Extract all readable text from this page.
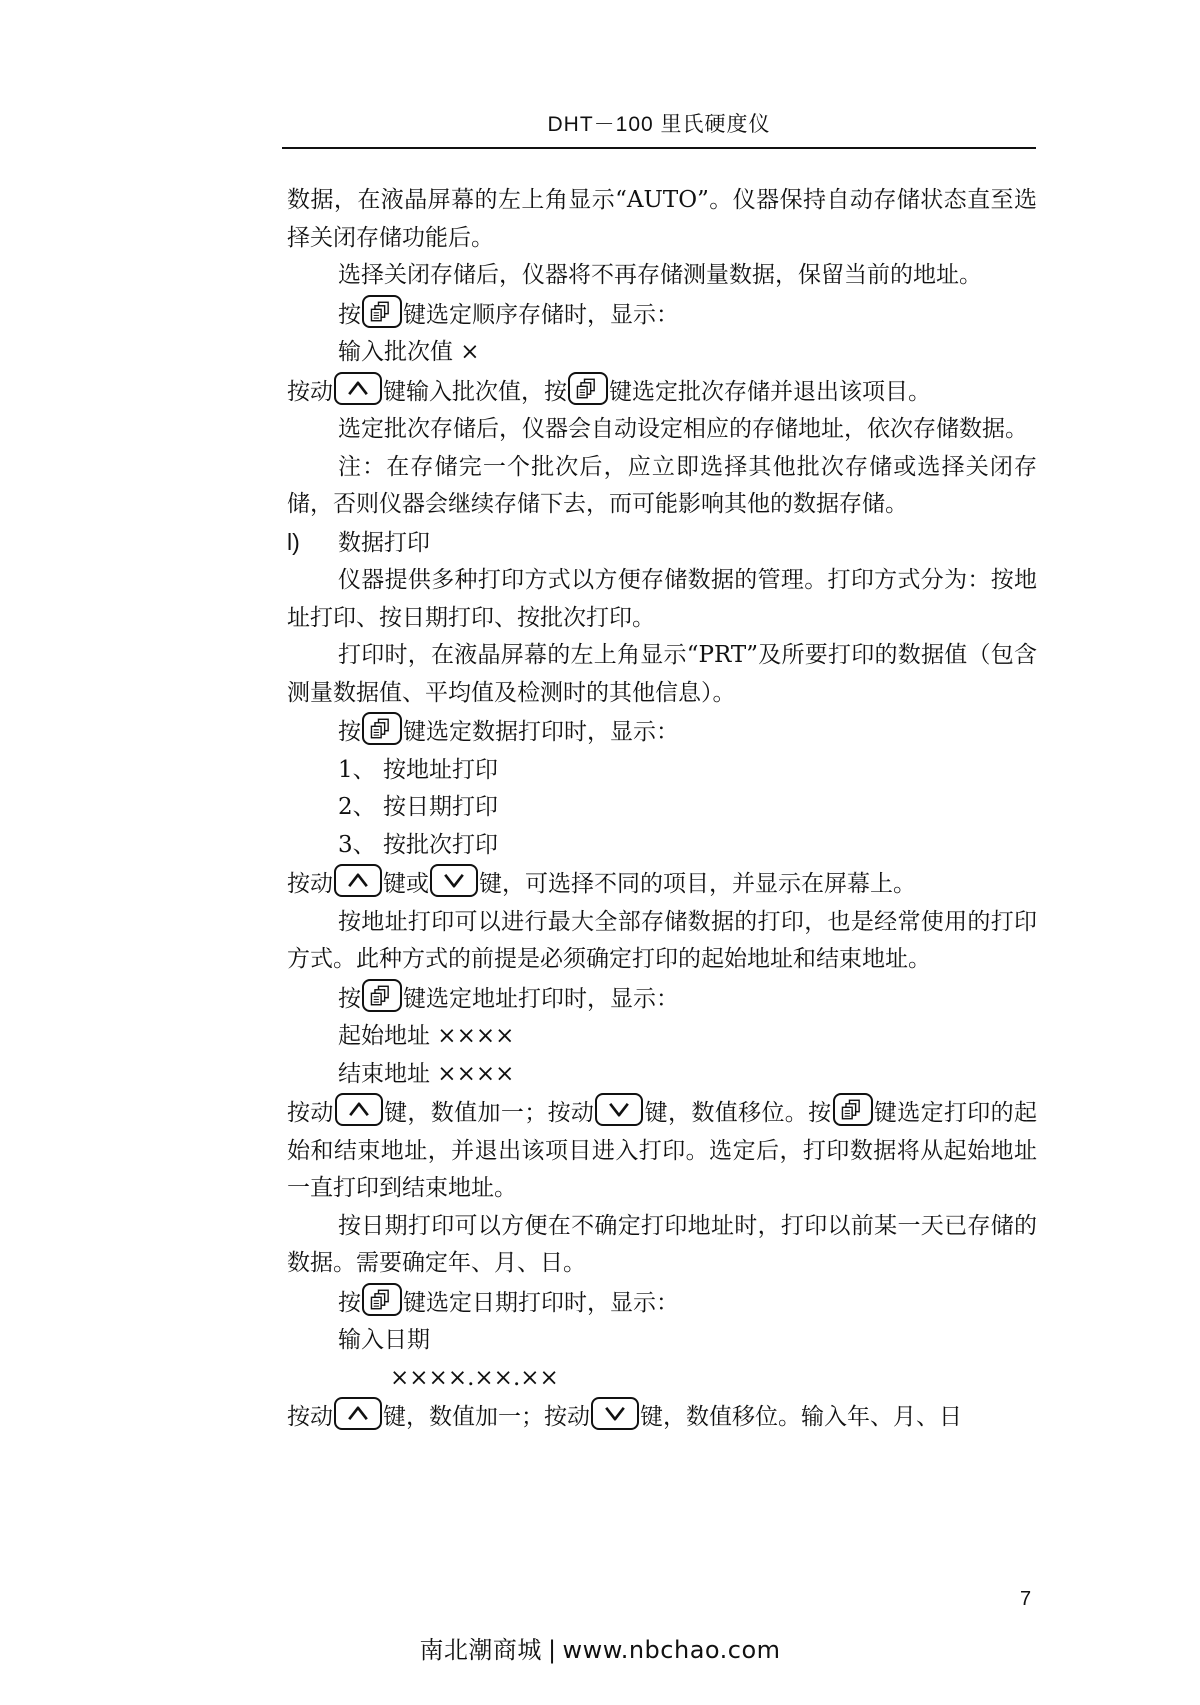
DHT－100 里氏硬度仪

数据，在液晶屏幕的左上角显示“AUTO”。仪器保持自动存储状态直至选择关闭存储功能后。

选择关闭存储后，仪器将不再存储测量数据，保留当前的地址。

按 键选定顺序存储时，显示：

输入批次值 ×

按动 键输入批次值，按 键选定批次存储并退出该项目。

选定批次存储后，仪器会自动设定相应的存储地址，依次存储数据。

注：在存储完一个批次后，应立即选择其他批次存储或选择关闭存储，否则仪器会继续存储下去，而可能影响其他的数据存储。

l) 数据打印

仪器提供多种打印方式以方便存储数据的管理。打印方式分为：按地址打印、按日期打印、按批次打印。

打印时，在液晶屏幕的左上角显示“PRT”及所要打印的数据值（包含测量数据值、平均值及检测时的其他信息）。

按 键选定数据打印时，显示：

1、 按地址打印

2、 按日期打印

3、 按批次打印

按动 键或 键，可选择不同的项目，并显示在屏幕上。

按地址打印可以进行最大全部存储数据的打印，也是经常使用的打印方式。此种方式的前提是必须确定打印的起始地址和结束地址。

按 键选定地址打印时，显示：

起始地址 ××××

结束地址 ××××

按动 键，数值加一；按动 键，数值移位。按 键选定打印的起始和结束地址，并退出该项目进入打印。选定后，打印数据将从起始地址一直打印到结束地址。

按日期打印可以方便在不确定打印地址时，打印以前某一天已存储的数据。需要确定年、月、日。

按 键选定日期打印时，显示：

输入日期

××××.××.××

按动 键，数值加一；按动 键，数值移位。输入年、月、日

7
南北潮商城 | www.nbchao.com
